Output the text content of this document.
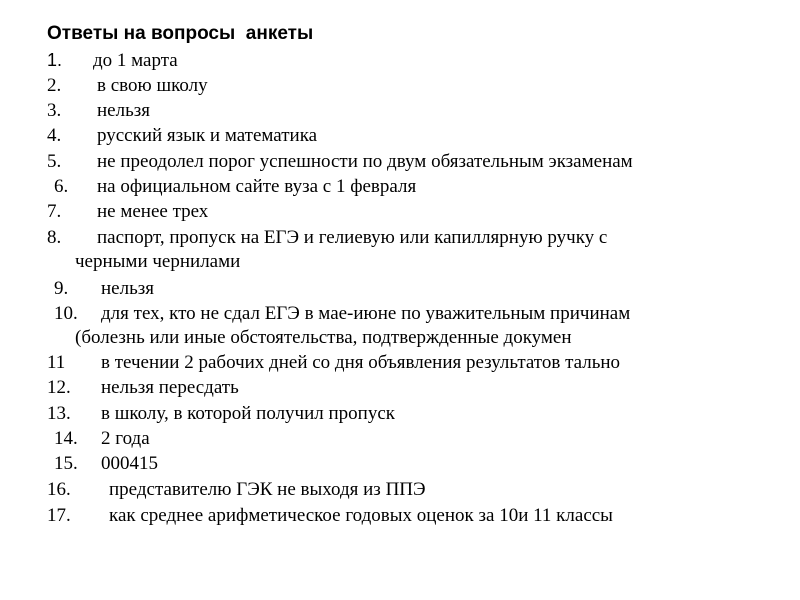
Ответы на вопросы  анкеты
1. до 1 марта
2. в свою школу
3. нельзя
4. русский язык и математика
5. не преодолел порог успешности по двум обязательным экзаменам
6. на официальном сайте вуза с 1 февраля
7. не менее трех
8. паспорт, пропуск на ЕГЭ и гелиевую или капиллярную ручку с
черными чернилами
9. нельзя
10. для тех, кто не сдал ЕГЭ в мае-июне по уважительным причинам
(болезнь или иные обстоятельства, подтвержденные докумен
11 в течении 2 рабочих дней со дня объявления результатов тально
12. нельзя пересдать
13. в школу, в которой получил пропуск
14. 2 года
15. 000415
16. представителю ГЭК не выходя из ППЭ
17. как среднее арифметическое годовых оценок за 10и 11 классы
